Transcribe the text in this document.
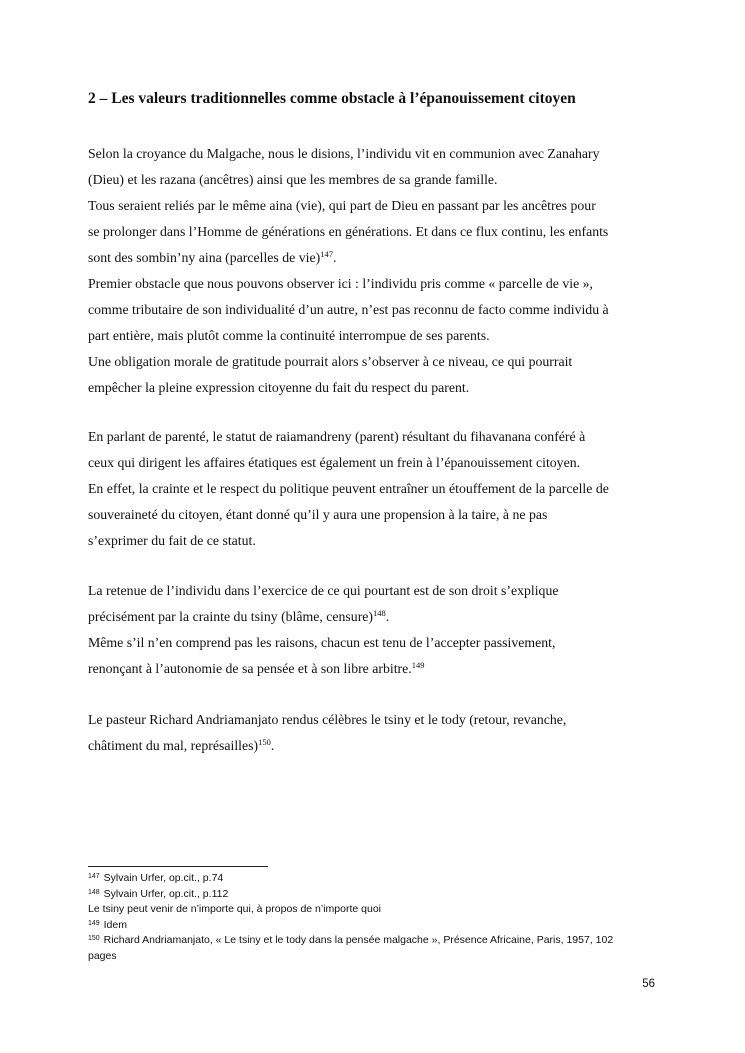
2 – Les valeurs traditionnelles comme obstacle à l’épanouissement citoyen
Selon la croyance du Malgache, nous le disions, l’individu vit en communion avec Zanahary
(Dieu) et les razana (ancêtres) ainsi que les membres de sa grande famille.
Tous seraient reliés par le même aina (vie), qui part de Dieu en passant par les ancêtres pour
se prolonger dans l’Homme de générations en générations. Et dans ce flux continu, les enfants
sont des sombin’ny aina (parcelles de vie)$^{147}$.
Premier obstacle que nous pouvons observer ici : l’individu pris comme « parcelle de vie »,
comme tributaire de son individualité d’un autre, n’est pas reconnu de facto comme individu à
part entière, mais plutôt comme la continuité interrompue de ses parents.
Une obligation morale de gratitude pourrait alors s’observer à ce niveau, ce qui pourrait
empêcher la pleine expression citoyenne du fait du respect du parent.
En parlant de parenté, le statut de raiamandreny (parent) résultant du fihavanana conféré à
ceux qui dirigent les affaires étatiques est également un frein à l’épanouissement citoyen.
En effet, la crainte et le respect du politique peuvent entraîner un étouffement de la parcelle de
souveraineté du citoyen, étant donné qu’il y aura une propension à la taire, à ne pas
s’exprimer du fait de ce statut.
La retenue de l’individu dans l’exercice de ce qui pourtant est de son droit s’explique
précisément par la crainte du tsiny (blâme, censure)$^{148}$.
Même s’il n’en comprend pas les raisons, chacun est tenu de l’accepter passivement,
renonçant à l’autonomie de sa pensée et à son libre arbitre.$^{149}$
Le pasteur Richard Andriamanjato rendus célèbres le tsiny et le tody (retour, revanche,
châtiment du mal, représailles)$^{150}$.
$^{147}$ Sylvain Urfer, op.cit., p.74
$^{148}$ Sylvain Urfer, op.cit., p.112
Le tsiny peut venir de n’importe qui, à propos de n’importe quoi
$^{149}$ Idem
$^{150}$ Richard Andriamanjato, « Le tsiny et le tody dans la pensée malgache », Présence Africaine, Paris, 1957, 102
pages
56
